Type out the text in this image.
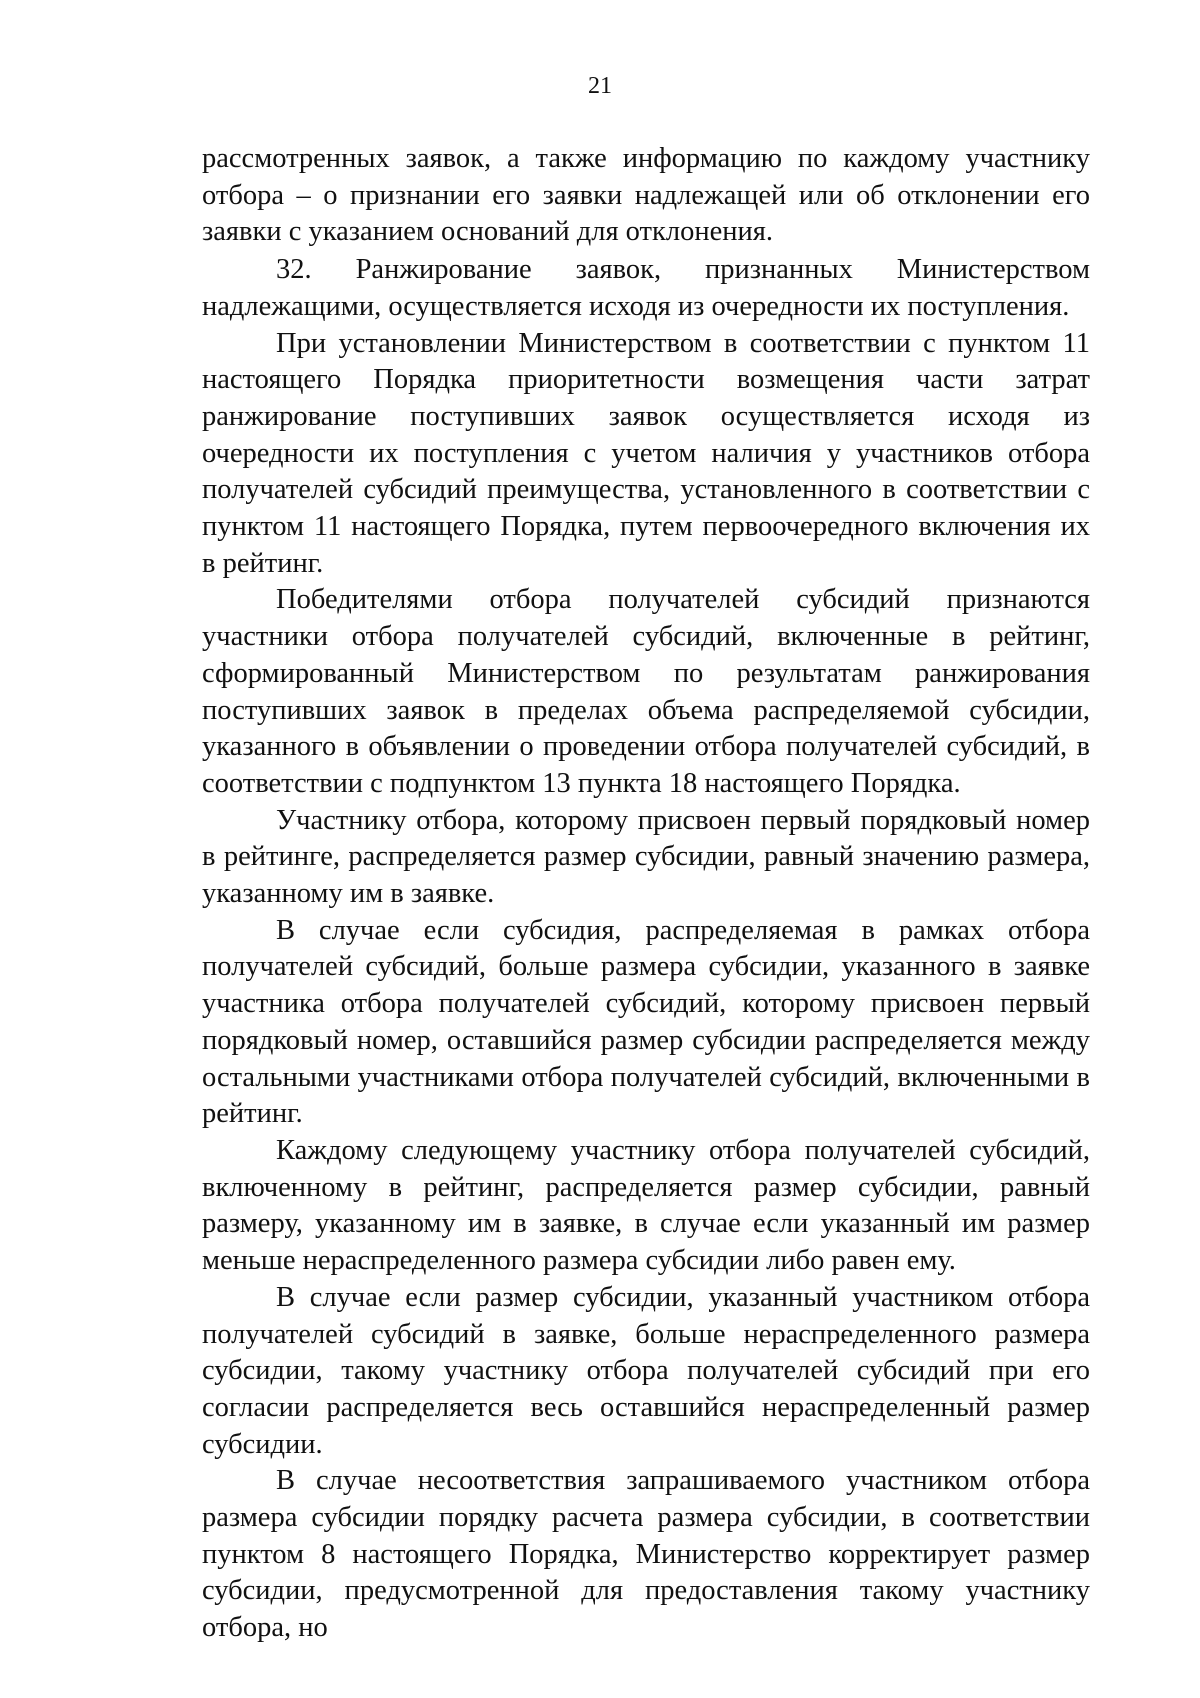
21

рассмотренных заявок, а также информацию по каждому участнику отбора – о признании его заявки надлежащей или об отклонении его заявки с указанием оснований для отклонения.

32. Ранжирование заявок, признанных Министерством надлежащими, осуществляется исходя из очередности их поступления.

При установлении Министерством в соответствии с пунктом 11 настоящего Порядка приоритетности возмещения части затрат ранжирование поступивших заявок осуществляется исходя из очередности их поступления с учетом наличия у участников отбора получателей субсидий преимущества, установленного в соответствии с пунктом 11 настоящего Порядка, путем первоочередного включения их в рейтинг.

Победителями отбора получателей субсидий признаются участники отбора получателей субсидий, включенные в рейтинг, сформированный Министерством по результатам ранжирования поступивших заявок в пределах объема распределяемой субсидии, указанного в объявлении о проведении отбора получателей субсидий, в соответствии с подпунктом 13 пункта 18 настоящего Порядка.

Участнику отбора, которому присвоен первый порядковый номер в рейтинге, распределяется размер субсидии, равный значению размера, указанному им в заявке.

В случае если субсидия, распределяемая в рамках отбора получателей субсидий, больше размера субсидии, указанного в заявке участника отбора получателей субсидий, которому присвоен первый порядковый номер, оставшийся размер субсидии распределяется между остальными участниками отбора получателей субсидий, включенными в рейтинг.

Каждому следующему участнику отбора получателей субсидий, включенному в рейтинг, распределяется размер субсидии, равный размеру, указанному им в заявке, в случае если указанный им размер меньше нераспределенного размера субсидии либо равен ему.

В случае если размер субсидии, указанный участником отбора получателей субсидий в заявке, больше нераспределенного размера субсидии, такому участнику отбора получателей субсидий при его согласии распределяется весь оставшийся нераспределенный размер субсидии.

В случае несоответствия запрашиваемого участником отбора размера субсидии порядку расчета размера субсидии, в соответствии пунктом 8 настоящего Порядка, Министерство корректирует размер субсидии, предусмотренной для предоставления такому участнику отбора, но
